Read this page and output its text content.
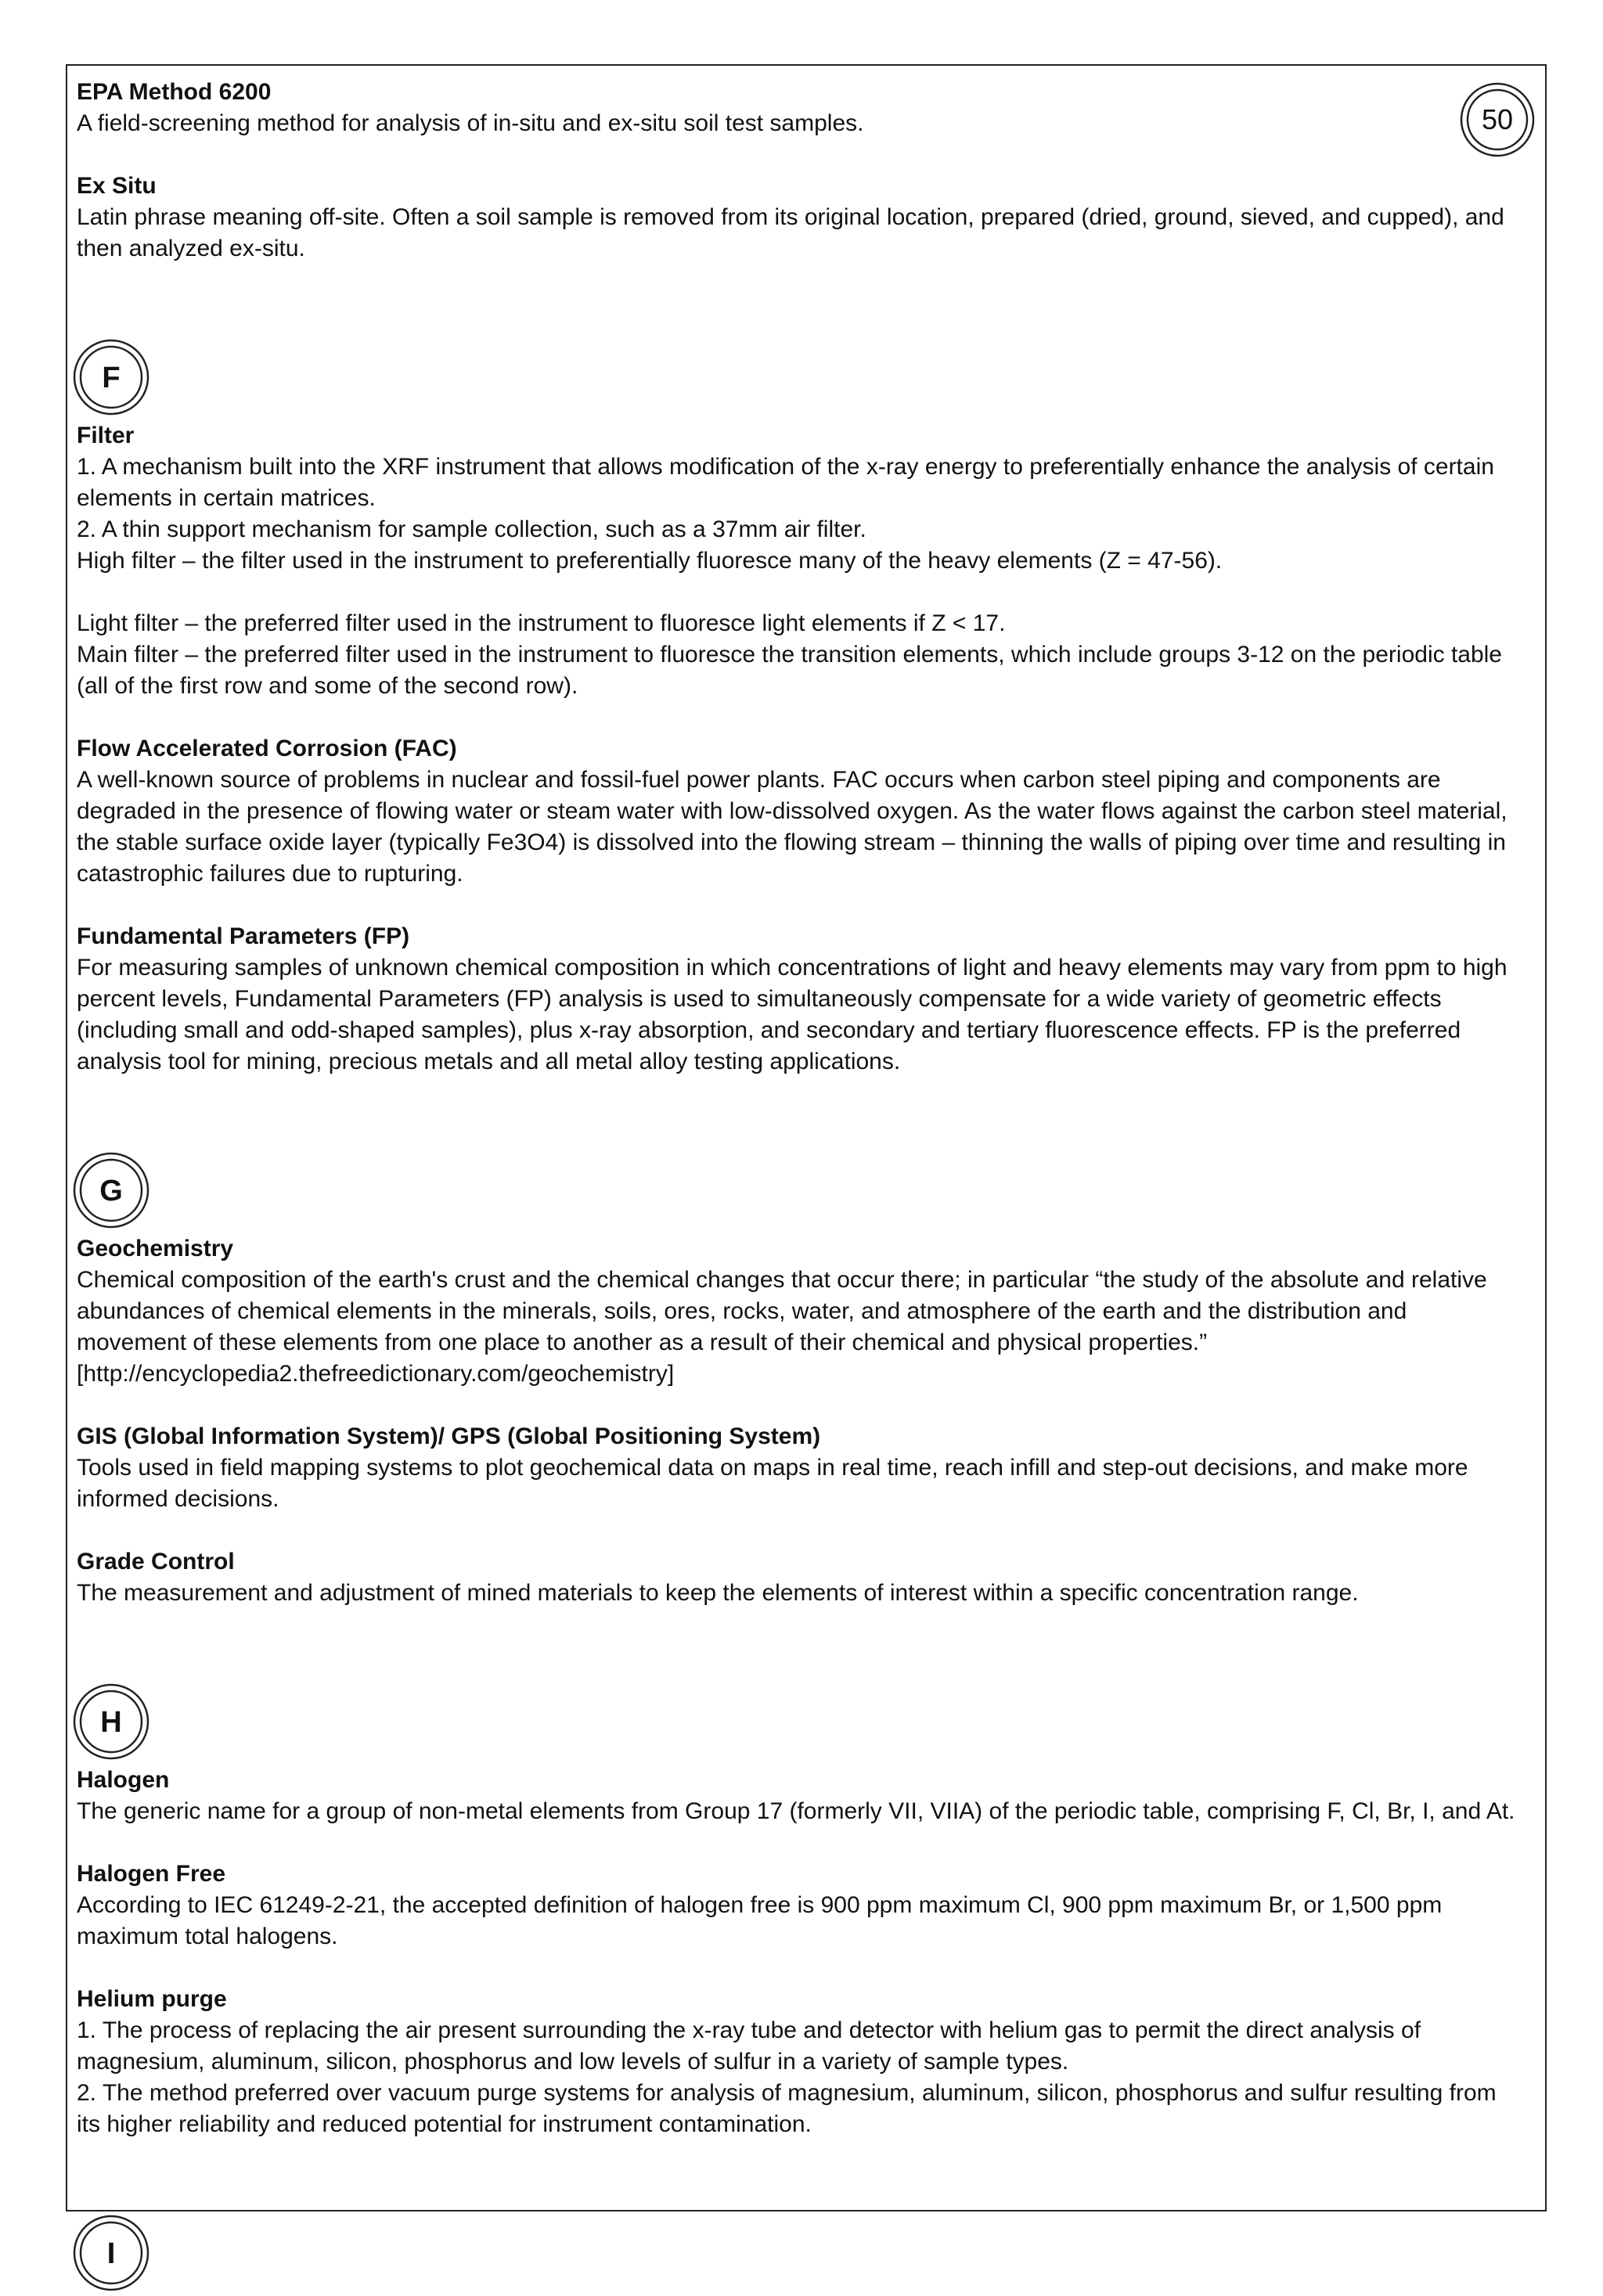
50
EPA Method 6200

A field-screening method for analysis of in-situ and ex-situ soil test samples.

Ex Situ

Latin phrase meaning off-site. Often a soil sample is removed from its original location, prepared (dried, ground, sieved, and cupped), and then analyzed ex-situ.

F
Filter

1. A mechanism built into the XRF instrument that allows modification of the x-ray energy to preferentially enhance the analysis of certain elements in certain matrices.

2. A thin support mechanism for sample collection, such as a 37mm air filter.

High filter – the filter used in the instrument to preferentially fluoresce many of the heavy elements (Z = 47-56).

Light filter – the preferred filter used in the instrument to fluoresce light elements if Z < 17.

Main filter – the preferred filter used in the instrument to fluoresce the transition elements, which include groups 3-12 on the periodic table (all of the first row and some of the second row).

Flow Accelerated Corrosion (FAC)

A well-known source of problems in nuclear and fossil-fuel power plants. FAC occurs when carbon steel piping and components are degraded in the presence of flowing water or steam water with low-dissolved oxygen. As the water flows against the carbon steel material, the stable surface oxide layer (typically Fe3O4) is dissolved into the flowing stream – thinning the walls of piping over time and resulting in catastrophic failures due to rupturing.

Fundamental Parameters (FP)

For measuring samples of unknown chemical composition in which concentrations of light and heavy elements may vary from ppm to high percent levels, Fundamental Parameters (FP) analysis is used to simultaneously compensate for a wide variety of geometric effects (including small and odd-shaped samples), plus x-ray absorption, and secondary and tertiary fluorescence effects. FP is the preferred analysis tool for mining, precious metals and all metal alloy testing applications.

G
Geochemistry

Chemical composition of the earth's crust and the chemical changes that occur there; in particular “the study of the absolute and relative abundances of chemical elements in the minerals, soils, ores, rocks, water, and atmosphere of the earth and the distribution and movement of these elements from one place to another as a result of their chemical and physical properties.” [http://encyclopedia2.thefreedictionary.com/geochemistry]

GIS (Global Information System)/ GPS (Global Positioning System)

Tools used in field mapping systems to plot geochemical data on maps in real time, reach infill and step-out decisions, and make more informed decisions.

Grade Control

The measurement and adjustment of mined materials to keep the elements of interest within a specific concentration range.

H
Halogen

The generic name for a group of non-metal elements from Group 17 (formerly VII, VIIA) of the periodic table, comprising F, Cl, Br, I, and At.

Halogen Free

According to IEC 61249-2-21, the accepted definition of halogen free is 900 ppm maximum Cl, 900 ppm maximum Br, or 1,500 ppm maximum total halogens.

Helium purge

1. The process of replacing the air present surrounding the x-ray tube and detector with helium gas to permit the direct analysis of magnesium, aluminum, silicon, phosphorus and low levels of sulfur in a variety of sample types.

2. The method preferred over vacuum purge systems for analysis of magnesium, aluminum, silicon, phosphorus and sulfur resulting from its higher reliability and reduced potential for instrument contamination.

I
